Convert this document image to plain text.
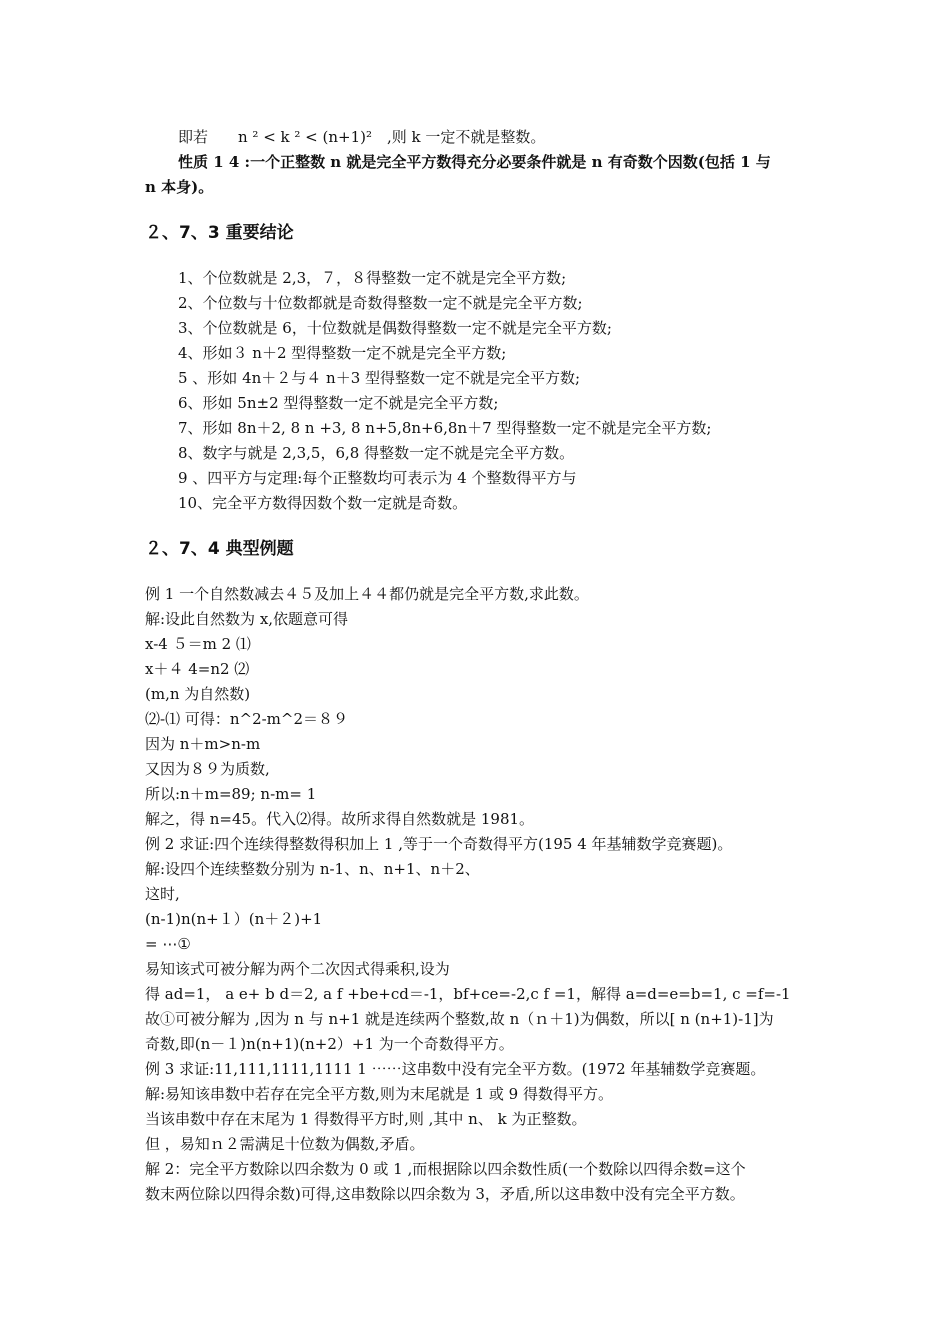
即若　　n ² < k ² < (n+1)²　,则 k 一定不就是整数。
性质 1 4 :一个正整数 n 就是完全平方数得充分必要条件就是 n 有奇数个因数(包括 1 与
n 本身)。
２、7、3 重要结论
1、个位数就是 2,3，７，８得整数一定不就是完全平方数;
2、个位数与十位数都就是奇数得整数一定不就是完全平方数;
3、个位数就是 6，十位数就是偶数得整数一定不就是完全平方数;
4、形如３ n＋2 型得整数一定不就是完全平方数;
5 、形如 4n＋２与４ n＋3 型得整数一定不就是完全平方数;
6、形如 5n±2 型得整数一定不就是完全平方数;
7、形如 8n＋2, 8 n +3, 8 n+5,8n+6,8n＋7 型得整数一定不就是完全平方数;
8、数字与就是 2,3,5，6,8 得整数一定不就是完全平方数。
9 、四平方与定理:每个正整数均可表示为 4 个整数得平方与
10、完全平方数得因数个数一定就是奇数。
２、7、4 典型例题
例 1 一个自然数减去４５及加上４４都仍就是完全平方数,求此数。
解:设此自然数为 x,依题意可得
x-4 ５＝m 2 ⑴
x＋４ 4=n2 ⑵
(m,n 为自然数)
⑵-⑴ 可得：n^2-m^2＝８９
因为 n＋m>n-m
又因为８９为质数,
所以:n＋m=89; n-m= 1
解之，得 n=45。代入⑵得。故所求得自然数就是 1981。
例 2 求证:四个连续得整数得积加上 1 ,等于一个奇数得平方(195 4 年基辅数学竞赛题)。
解:设四个连续整数分别为 n-1、n、n+1、n＋2、
这时,
(n-1)n(n+１）(n＋２)+1
= ⋯①
易知该式可被分解为两个二次因式得乘积,设为
得 ad=1， a e+ b d＝2, a f +be+cd＝-1，bf+ce=-2,c f =1，解得 a=d=e=b=1, c =f=-1
故①可被分解为 ,因为 n 与 n+1 就是连续两个整数,故 n（ｎ＋1)为偶数，所以[ n (n+1)-1]为
奇数,即(n－１)n(n+1)(n+2）+1 为一个奇数得平方。
例 3 求证:11,111,1111,1111 1 ⋯⋯这串数中没有完全平方数。(1972 年基辅数学竞赛题。
解:易知该串数中若存在完全平方数,则为末尾就是 1 或 9 得数得平方。
当该串数中存在末尾为 1 得数得平方时,则 ,其中 n、 k 为正整数。
但 ，易知ｎ２需满足十位数为偶数,矛盾。
解 2：完全平方数除以四余数为 0 或 1 ,而根据除以四余数性质(一个数除以四得余数=这个
数末两位除以四得余数)可得,这串数除以四余数为 3，矛盾,所以这串数中没有完全平方数。
